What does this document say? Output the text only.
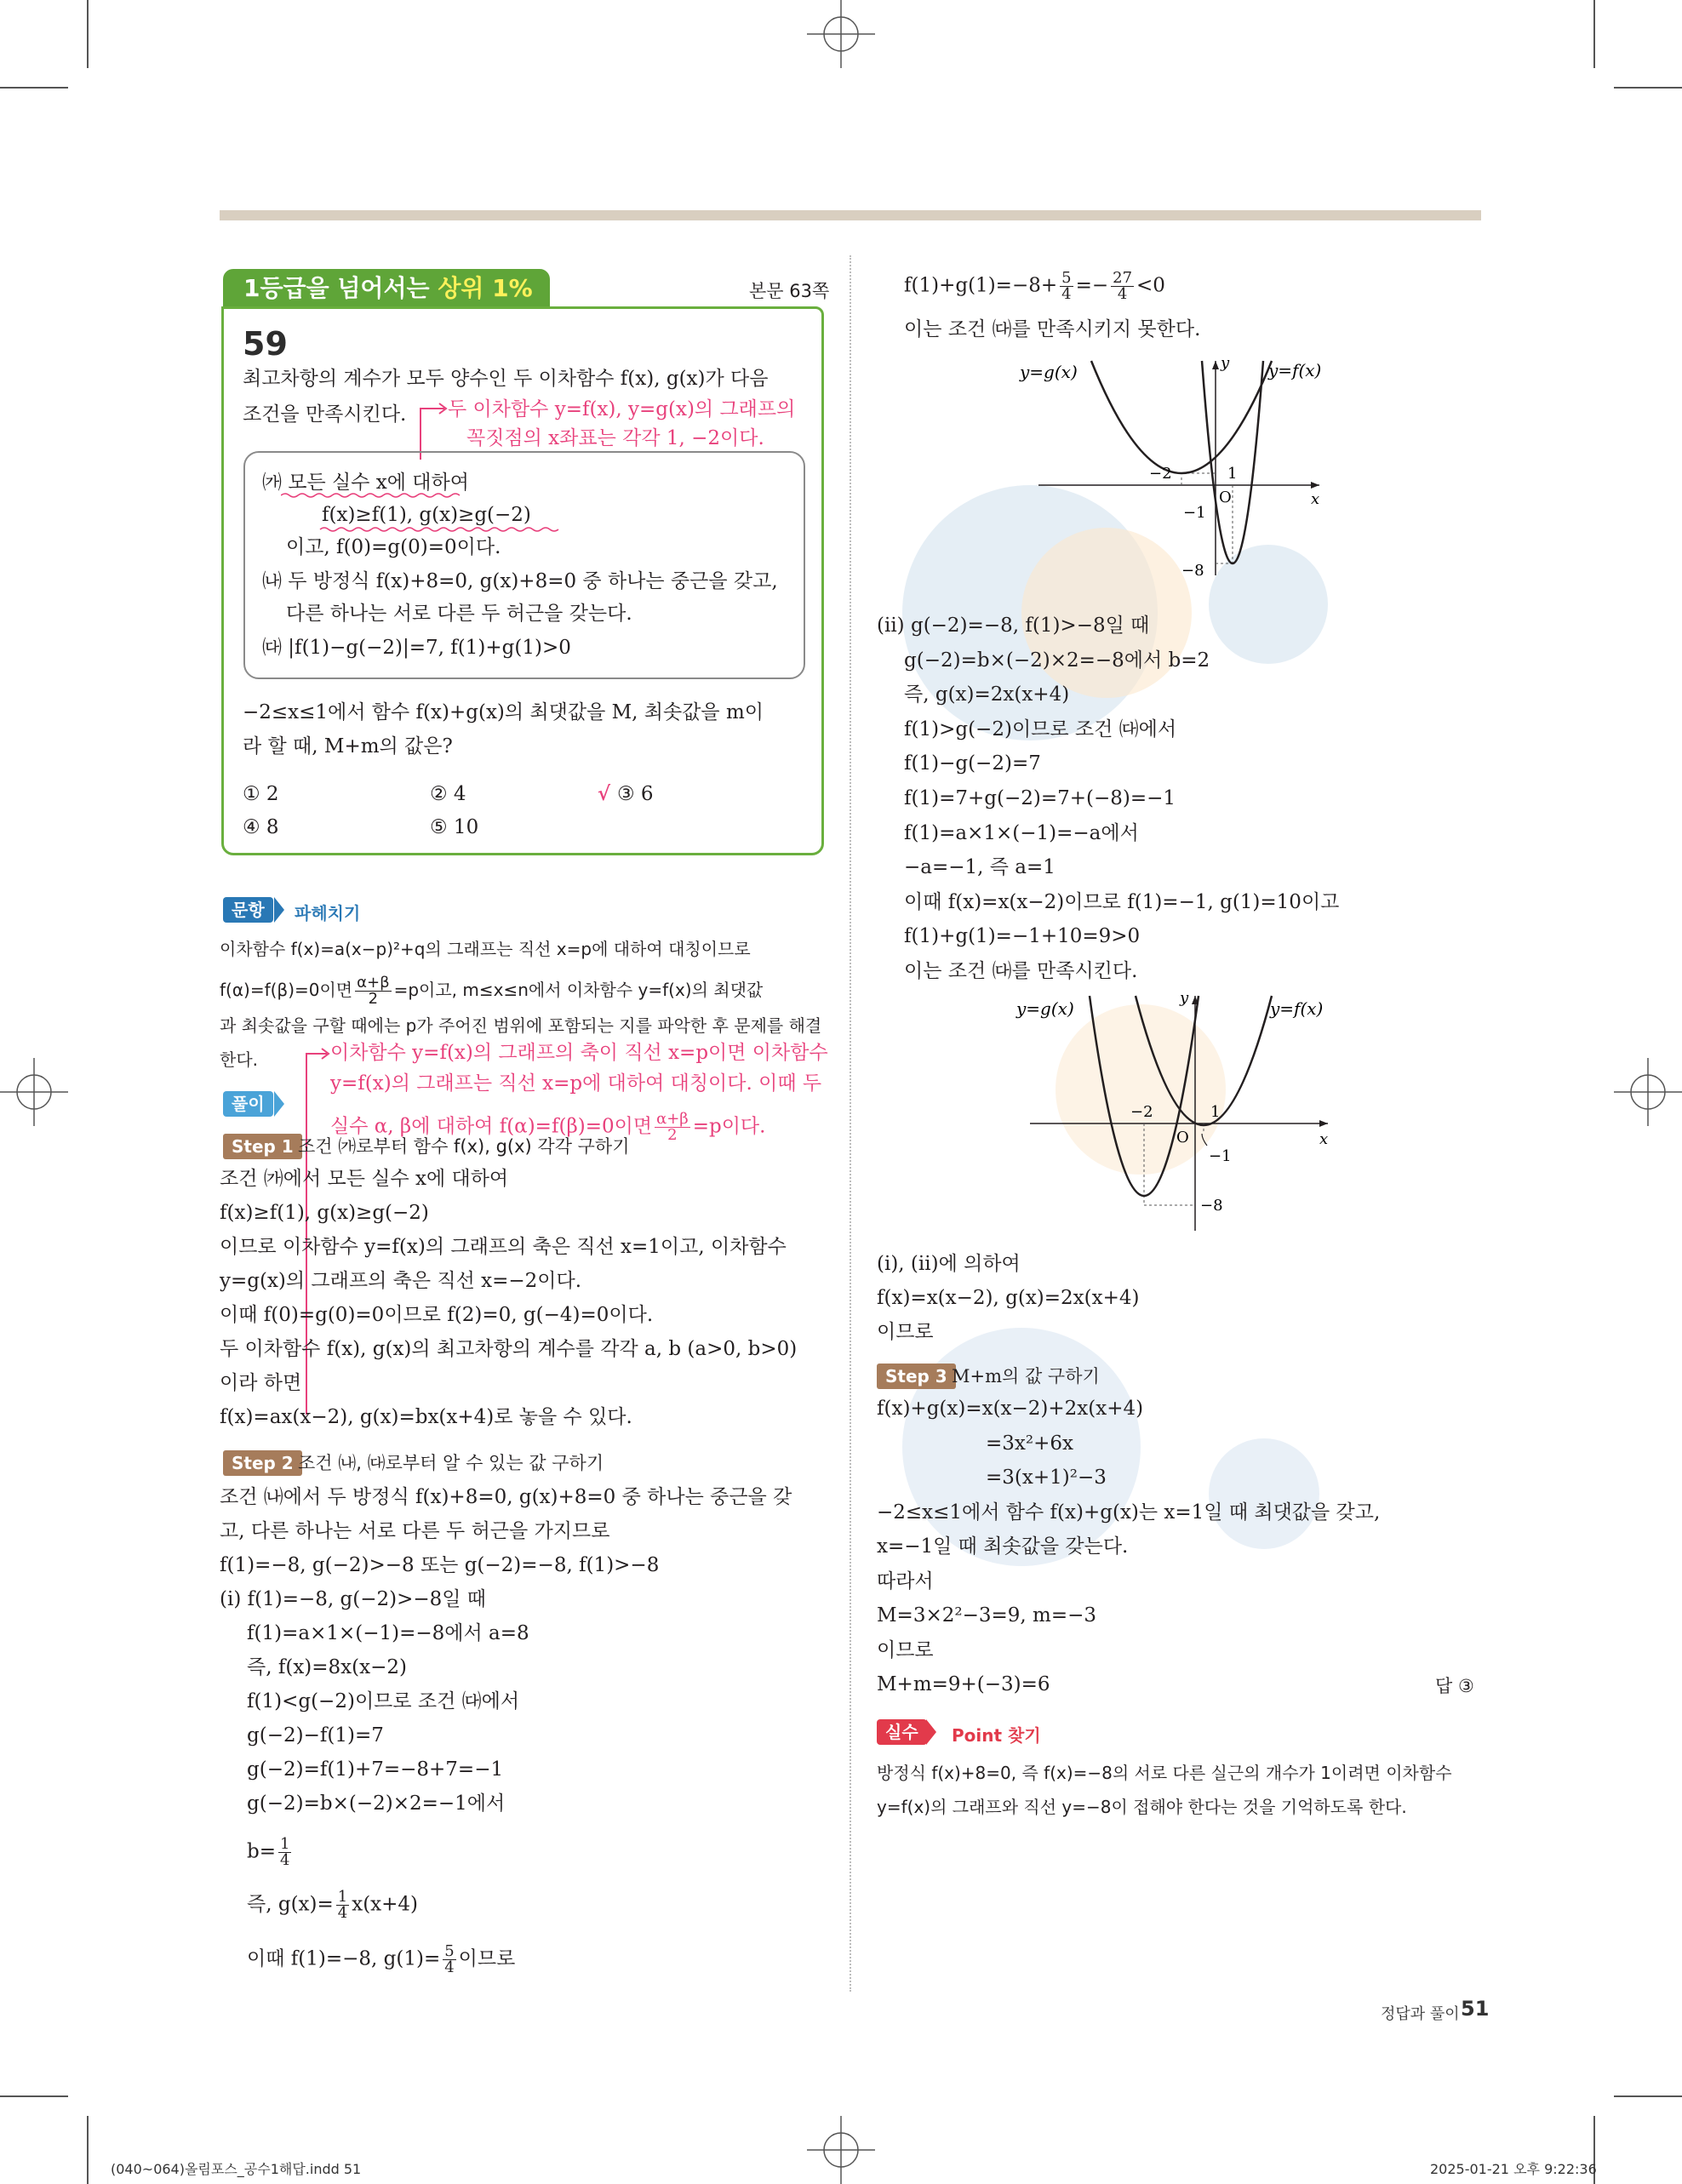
1등급을 넘어서는 상위 1%	본문 63쪽
59
최고차항의 계수가 모두 양수인 두 이차함수 f(x), g(x)가 다음
조건을 만족시킨다. 두 이차함수 y=f(x), y=g(x)의 그래프의
꼭짓점의 x좌표는 각각 1, −2이다.
㈎ 모든 실수 x에 대하여
f(x)≥f(1), g(x)≥g(−2)
이고, f(0)=g(0)=0이다.
㈏ 두 방정식 f(x)+8=0, g(x)+8=0 중 하나는 중근을 갖고,
다른 하나는 서로 다른 두 허근을 갖는다.
㈐ |f(1)−g(−2)|=7, f(1)+g(1)>0
−2≤x≤1에서 함수 f(x)+g(x)의 최댓값을 M, 최솟값을 m이
라 할 때, M+m의 값은?
① 2	② 4	√ ③ 6
④ 8	⑤ 10
문항	파헤치기
이차함수 f(x)=a(x−p)²+q의 그래프는 직선 x=p에 대하여 대칭이므로
f(α)=f(β)=0이면 $\frac{\alpha+\beta}{2} =p$이고, m≤x≤n에서 이차함수 y=f(x)의 최댓값
과 최솟값을 구할 때에는 p가 주어진 범위에 포함되는 지를 파악한 후 문제를 해결
한다.	이차함수 y=f(x)의 그래프의 축이 직선 x=p이면 이차함수
y=f(x)의 그래프는 직선 x=p에 대하여 대칭이다. 이때 두
실수 α, β에 대하여 f(α)=f(β)=0이면 $\frac{\alpha+\beta}{2} =p$이다.
풀이
Step 1 조건 ㈎로부터 함수 f(x), g(x) 각각 구하기
조건 ㈎에서 모든 실수 x에 대하여
f(x)≥f(1), g(x)≥g(−2)
이므로 이차함수 y=f(x)의 그래프의 축은 직선 x=1이고, 이차함수
y=g(x)의 그래프의 축은 직선 x=−2이다.
이때 f(0)=g(0)=0이므로 f(2)=0, g(−4)=0이다.
두 이차함수 f(x), g(x)의 최고차항의 계수를 각각 a, b (a>0, b>0)
이라 하면
f(x)=ax(x−2), g(x)=bx(x+4)로 놓을 수 있다.
Step 2 조건 ㈏, ㈐로부터 알 수 있는 값 구하기
조건 ㈏에서 두 방정식 f(x)+8=0, g(x)+8=0 중 하나는 중근을 갖
고, 다른 하나는 서로 다른 두 허근을 가지므로
f(1)=−8, g(−2)>−8 또는 g(−2)=−8, f(1)>−8
(ⅰ) f(1)=−8, g(−2)>−8일 때
f(1)=a×1×(−1)=−8에서 a=8
즉, f(x)=8x(x−2)
f(1)<g(−2)이므로 조건 ㈐에서
g(−2)−f(1)=7
g(−2)=f(1)+7=−8+7=−1
g(−2)=b×(−2)×2=−1에서
$b= \frac{1}{4}$
즉, $g(x)= \frac{1}{4} x(x+4)$
이때 f(1)=−8, $g(1)= \frac{5}{4}$ 이므로
$f(1)+g(1)=-8+ \frac{5}{4} =- \frac{27}{4} <0$
이는 조건 ㈐를 만족시키지 못한다.
y=g(x)	y=f(x)
y
x
O
−2	1
−1
−8
(ⅱ) g(−2)=−8, f(1)>−8일 때
g(−2)=b×(−2)×2=−8에서 b=2
즉, g(x)=2x(x+4)
f(1)>g(−2)이므로 조건 ㈐에서
f(1)−g(−2)=7
f(1)=7+g(−2)=7+(−8)=−1
f(1)=a×1×(−1)=−a에서
−a=−1, 즉 a=1
이때 f(x)=x(x−2)이므로 f(1)=−1, g(1)=10이고
f(1)+g(1)=−1+10=9>0
이는 조건 ㈐를 만족시킨다.
y=g(x)	y=f(x)
y
x
O
−2	1
−1
−8
(ⅰ), (ⅱ)에 의하여
f(x)=x(x−2), g(x)=2x(x+4)
이므로
Step 3 M+m의 값 구하기
f(x)+g(x)=x(x−2)+2x(x+4)
=3x²+6x
=3(x+1)²−3
−2≤x≤1에서 함수 f(x)+g(x)는 x=1일 때 최댓값을 갖고,
x=−1일 때 최솟값을 갖는다.
따라서
M=3×2²−3=9, m=−3
이므로
M+m=9+(−3)=6	답 ③
실수	Point 찾기
방정식 f(x)+8=0, 즉 f(x)=−8의 서로 다른 실근의 개수가 1이려면 이차함수
y=f(x)의 그래프와 직선 y=−8이 접해야 한다는 것을 기억하도록 한다.
정답과 풀이 51
(040~064)올림포스_공수1해답.indd 51	2025-01-21 오후 9:22:36
